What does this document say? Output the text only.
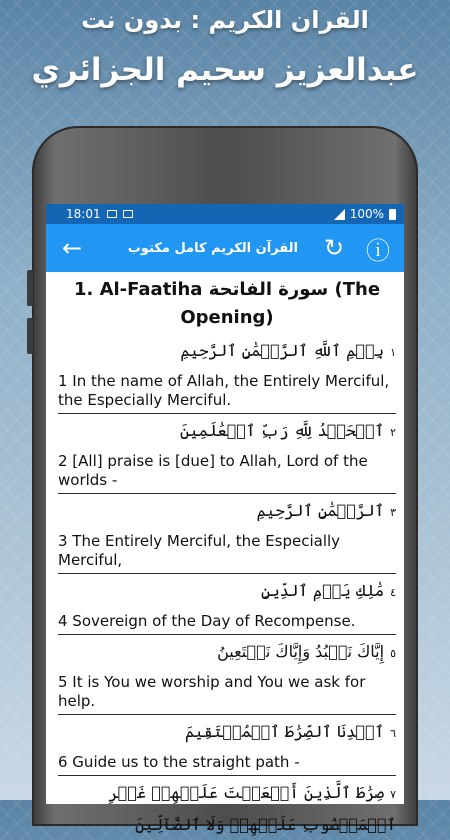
القران الكريم : بدون نت
عبدالعزيز سحيم الجزائري
18:01	100%
←	القرآن الكريم كامل مكتوب	↻ ⓘ
1. Al-Faatiha سورة الفاتحة (The Opening)
١بِسۡمِ ٱللَّهِ ٱلرَّحۡمَٰنِ ٱلرَّحِيمِ
1 In the name of Allah, the Entirely Merciful, the Especially Merciful.
٢ٱلۡحَمۡدُ لِلَّهِ رَبِّ ٱلۡعَٰلَمِينَ
2 [All] praise is [due] to Allah, Lord of the worlds -
٣ٱلرَّحۡمَٰنِ ٱلرَّحِيمِ
3 The Entirely Merciful, the Especially Merciful,
٤مَٰلِكِ يَوۡمِ ٱلدِّينِ
4 Sovereign of the Day of Recompense.
٥إِيَّاكَ نَعۡبُدُ وَإِيَّاكَ نَسۡتَعِينُ
5 It is You we worship and You we ask for help.
٦ٱهۡدِنَا ٱلصِّرَٰطَ ٱلۡمُسۡتَقِيمَ
6 Guide us to the straight path -
٧صِرَٰطَ ٱلَّذِينَ أَنۡعَمۡتَ عَلَيۡهِمۡ غَيۡرِ ٱلۡمَغۡضُوبِ عَلَيۡهِمۡ وَلَا ٱلضَّآلِّينَ
